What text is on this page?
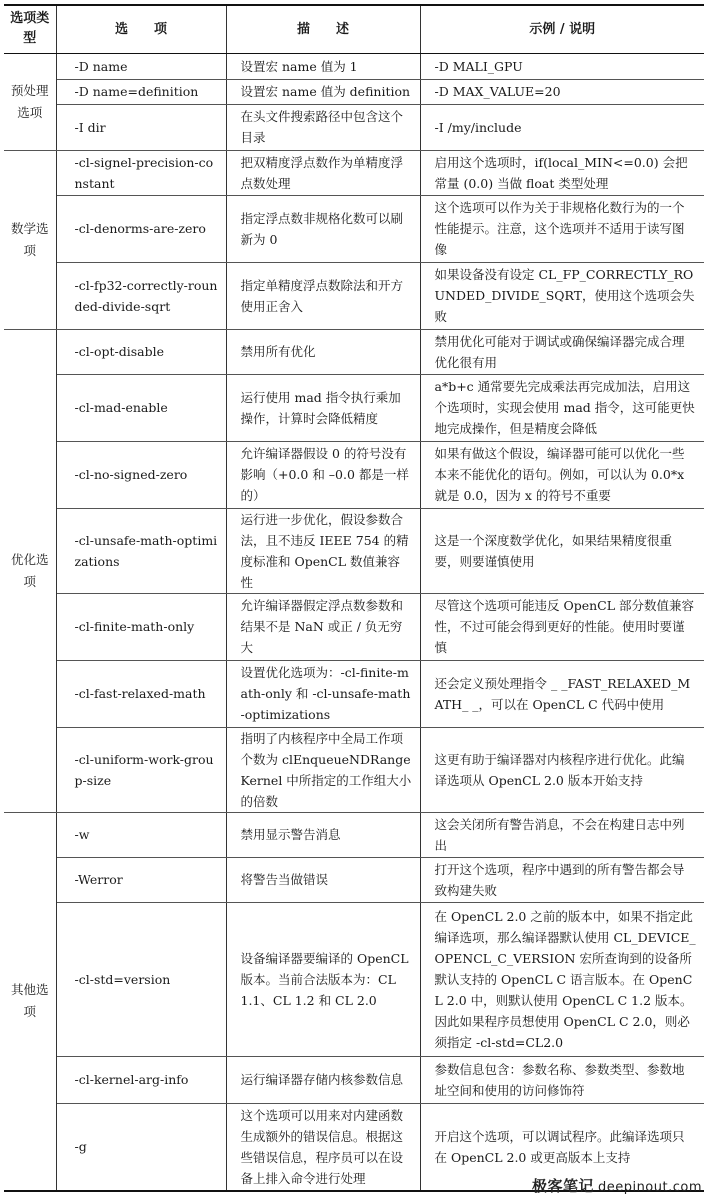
选项类型	选　　项	描　　述	示例 / 说明
预处理选项	-D name	设置宏 name 值为 1	-D MALI_GPU
	-D name=definition	设置宏 name 值为 definition	-D MAX_VALUE=20
	-I dir	在头文件搜索路径中包含这个目录	-I /my/include
数学选项	-cl-signel-precision-constant	把双精度浮点数作为单精度浮点数处理	启用这个选项时，if(local_MIN<=0.0) 会把常量 (0.0) 当做 float 类型处理
	-cl-denorms-are-zero	指定浮点数非规格化数可以刷新为 0	这个选项可以作为关于非规格化数行为的一个性能提示。注意，这个选项并不适用于读写图像
	-cl-fp32-correctly-rounded-divide-sqrt	指定单精度浮点数除法和开方使用正舍入	如果设备没有设定 CL_FP_CORRECTLY_ROUNDED_DIVIDE_SQRT，使用这个选项会失败
优化选项	-cl-opt-disable	禁用所有优化	禁用优化可能对于调试或确保编译器完成合理优化很有用
	-cl-mad-enable	运行使用 mad 指令执行乘加操作，计算时会降低精度	a*b+c 通常要先完成乘法再完成加法，启用这个选项时，实现会使用 mad 指令，这可能更快地完成操作，但是精度会降低
	-cl-no-signed-zero	允许编译器假设 0 的符号没有影响（+0.0 和 –0.0 都是一样的）	如果有做这个假设，编译器可能可以优化一些本来不能优化的语句。例如，可以认为 0.0*x 就是 0.0，因为 x 的符号不重要
	-cl-unsafe-math-optimizations	运行进一步优化，假设参数合法，且不违反 IEEE 754 的精度标准和 OpenCL 数值兼容性	这是一个深度数学优化，如果结果精度很重要，则要谨慎使用
	-cl-finite-math-only	允许编译器假定浮点数参数和结果不是 NaN 或正 / 负无穷大	尽管这个选项可能违反 OpenCL 部分数值兼容性，不过可能会得到更好的性能。使用时要谨慎
	-cl-fast-relaxed-math	设置优化选项为：-cl-finite-math-only 和 -cl-unsafe-math-optimizations	还会定义预处理指令 _ _FAST_RELAXED_MATH_ _，可以在 OpenCL C 代码中使用
	-cl-uniform-work-group-size	指明了内核程序中全局工作项个数为 clEnqueueNDRangeKernel 中所指定的工作组大小的倍数	这更有助于编译器对内核程序进行优化。此编译选项从 OpenCL 2.0 版本开始支持
其他选项	-w	禁用显示警告消息	这会关闭所有警告消息，不会在构建日志中列出
	-Werror	将警告当做错误	打开这个选项，程序中遇到的所有警告都会导致构建失败
	-cl-std=version	设备编译器要编译的 OpenCL 版本。当前合法版本为：CL 1.1、CL 1.2 和 CL 2.0	在 OpenCL 2.0 之前的版本中，如果不指定此编译选项，那么编译器默认使用 CL_DEVICE_OPENCL_C_VERSION 宏所查询到的设备所默认支持的 OpenCL C 语言版本。在 OpenCL 2.0 中，则默认使用 OpenCL C 1.2 版本。因此如果程序员想使用 OpenCL C 2.0，则必须指定 -cl-std=CL2.0
	-cl-kernel-arg-info	运行编译器存储内核参数信息	参数信息包含：参数名称、参数类型、参数地址空间和使用的访问修饰符
	-g	这个选项可以用来对内建函数生成额外的错误信息。根据这些错误信息，程序员可以在设备上排入命令进行处理	开启这个选项，可以调试程序。此编译选项只在 OpenCL 2.0 或更高版本上支持
极客笔记 deepinout.com
